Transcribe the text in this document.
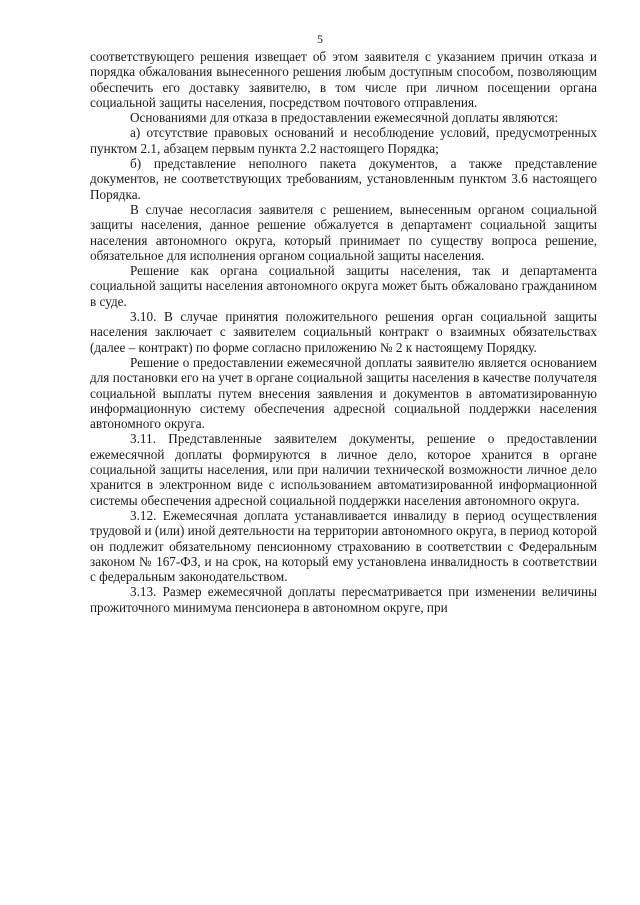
5

соответствующего решения извещает об этом заявителя с указанием причин отказа и порядка обжалования вынесенного решения любым доступным способом, позволяющим обеспечить его доставку заявителю, в том числе при личном посещении органа социальной защиты населения, посредством почтового отправления.

Основаниями для отказа в предоставлении ежемесячной доплаты являются:

а) отсутствие правовых оснований и несоблюдение условий, предусмотренных пунктом 2.1, абзацем первым пункта 2.2 настоящего Порядка;

б) представление неполного пакета документов, а также представление документов, не соответствующих требованиям, установленным пунктом 3.6 настоящего Порядка.

В случае несогласия заявителя с решением, вынесенным органом социальной защиты населения, данное решение обжалуется в департамент социальной защиты населения автономного округа, который принимает по существу вопроса решение, обязательное для исполнения органом социальной защиты населения.

Решение как органа социальной защиты населения, так и департамента социальной защиты населения автономного округа может быть обжаловано гражданином в суде.

3.10. В случае принятия положительного решения орган социальной защиты населения заключает с заявителем социальный контракт о взаимных обязательствах (далее – контракт) по форме согласно приложению № 2 к настоящему Порядку.

Решение о предоставлении ежемесячной доплаты заявителю является основанием для постановки его на учет в органе социальной защиты населения в качестве получателя социальной выплаты путем внесения заявления и документов в автоматизированную информационную систему обеспечения адресной социальной поддержки населения автономного округа.

3.11. Представленные заявителем документы, решение о предоставлении ежемесячной доплаты формируются в личное дело, которое хранится в органе социальной защиты населения, или при наличии технической возможности личное дело хранится в электронном виде с использованием автоматизированной информационной системы обеспечения адресной социальной поддержки населения автономного округа.

3.12. Ежемесячная доплата устанавливается инвалиду в период осуществления трудовой и (или) иной деятельности на территории автономного округа, в период которой он подлежит обязательному пенсионному страхованию в соответствии с Федеральным законом № 167-ФЗ, и на срок, на который ему установлена инвалидность в соответствии с федеральным законодательством.

3.13. Размер ежемесячной доплаты пересматривается при изменении величины прожиточного минимума пенсионера в автономном округе, при
